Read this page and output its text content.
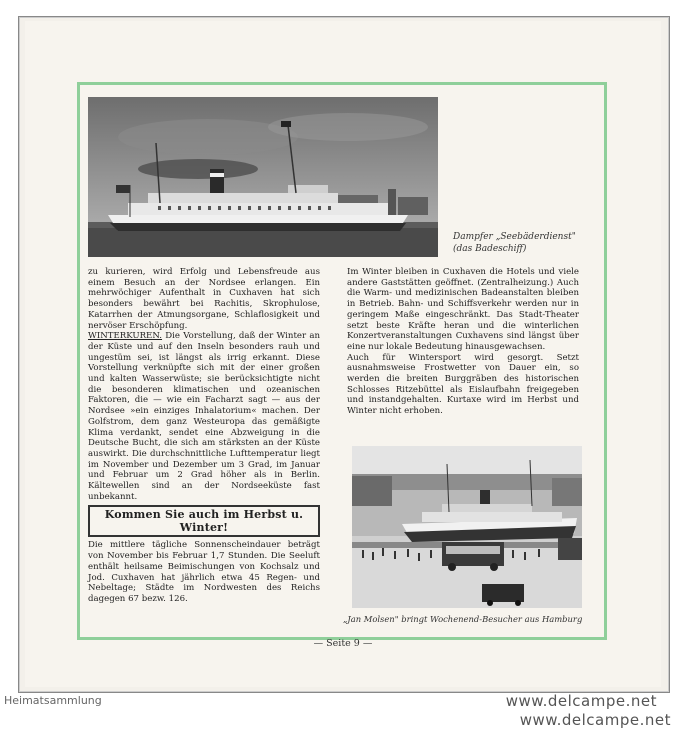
Dampfer „Seebäderdienst"
(das Badeschiff)

zu kurieren, wird Erfolg und Lebensfreude aus einem Besuch an der Nordsee erlangen. Ein mehrwöchiger Aufenthalt in Cuxhaven hat sich besonders bewährt bei Rachitis, Skrophulose, Katarrhen der Atmungsorgane, Schlaflosigkeit und nervöser Erschöpfung.

WINTERKUREN. Die Vorstellung, daß der Winter an der Küste und auf den Inseln besonders rauh und ungestüm sei, ist längst als irrig erkannt. Diese Vorstellung verknüpfte sich mit der einer großen und kalten Wasserwüste; sie berücksichtigte nicht die besonderen klimatischen und ozeanischen Faktoren, die — wie ein Facharzt sagt — aus der Nordsee »ein einziges Inhalatorium« machen. Der Golfstrom, dem ganz Westeuropa das gemäßigte Klima verdankt, sendet eine Abzweigung in die Deutsche Bucht, die sich am stärksten an der Küste auswirkt. Die durchschnittliche Lufttemperatur liegt im November und Dezember um 3 Grad, im Januar und Februar um 2 Grad höher als in Berlin. Kältewellen sind an der Nordseeküste fast unbekannt.

Kommen Sie auch im Herbst u. Winter!

Die mittlere tägliche Sonnenscheindauer beträgt von November bis Februar 1,7 Stunden. Die Seeluft enthält heilsame Beimischungen von Kochsalz und Jod. Cuxhaven hat jährlich etwa 45 Regen- und Nebeltage; Städte im Nordwesten des Reichs dagegen 67 bezw. 126.

Im Winter bleiben in Cuxhaven die Hotels und viele andere Gaststätten geöffnet. (Zentralheizung.) Auch die Warm- und medizinischen Badeanstalten bleiben in Betrieb. Bahn- und Schiffsverkehr werden nur in geringem Maße eingeschränkt. Das Stadt-Theater setzt beste Kräfte heran und die winterlichen Konzertveranstaltungen Cuxhavens sind längst über eine nur lokale Bedeutung hinausgewachsen.

Auch für Wintersport wird gesorgt. Setzt ausnahmsweise Frostwetter von Dauer ein, so werden die breiten Burggräben des historischen Schlosses Ritzebüttel als Eislaufbahn freigegeben und instandgehalten. Kurtaxe wird im Herbst und Winter nicht erhoben.

„Jan Molsen" bringt Wochenend-Besucher aus Hamburg
— Seite 9 —
Heimatsammlung	www.delcampe.net
www.delcampe.net
